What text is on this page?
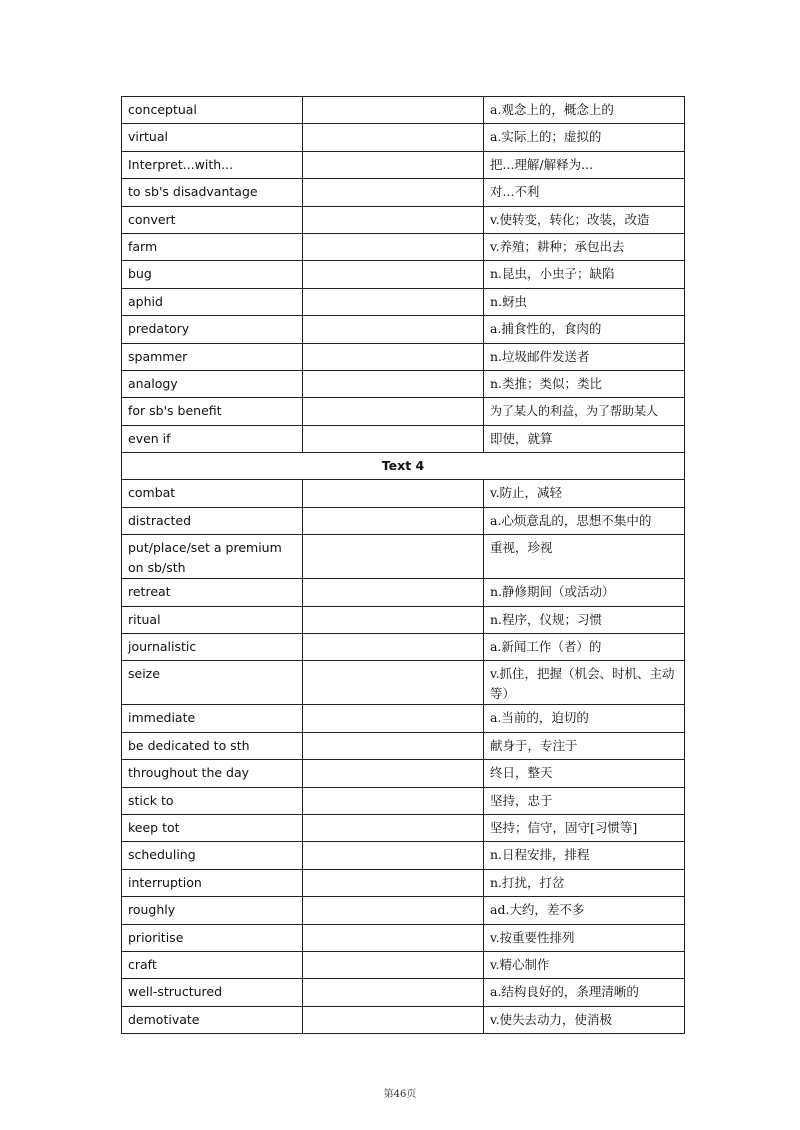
conceptual		a.观念上的，概念上的
virtual		a.实际上的；虚拟的
Interpret...with...		把...理解/解释为...
to sb's disadvantage		对...不利
convert		v.使转变，转化；改装，改造
farm		v.养殖；耕种；承包出去
bug		n.昆虫，小虫子；缺陷
aphid		n.蚜虫
predatory		a.捕食性的，食肉的
spammer		n.垃圾邮件发送者
analogy		n.类推；类似；类比
for sb's benefit		为了某人的利益，为了帮助某人
even if		即使，就算
Text 4		
combat		v.防止，减轻
distracted		a.心烦意乱的，思想不集中的
put/place/set a premium on sb/sth		重视，珍视
retreat		n.静修期间（或活动）
ritual		n.程序，仪规；习惯
journalistic		a.新闻工作（者）的
seize		v.抓住，把握（机会、时机、主动等）
immediate		a.当前的，迫切的
be dedicated to sth		献身于，专注于
throughout the day		终日，整天
stick to		坚持，忠于
keep tot		坚持；信守，固守[习惯等]
scheduling		n.日程安排，排程
interruption		n.打扰，打岔
roughly		ad.大约，差不多
prioritise		v.按重要性排列
craft		v.精心制作
well-structured		a.结构良好的，条理清晰的
demotivate		v.使失去动力，使消极
第46页
